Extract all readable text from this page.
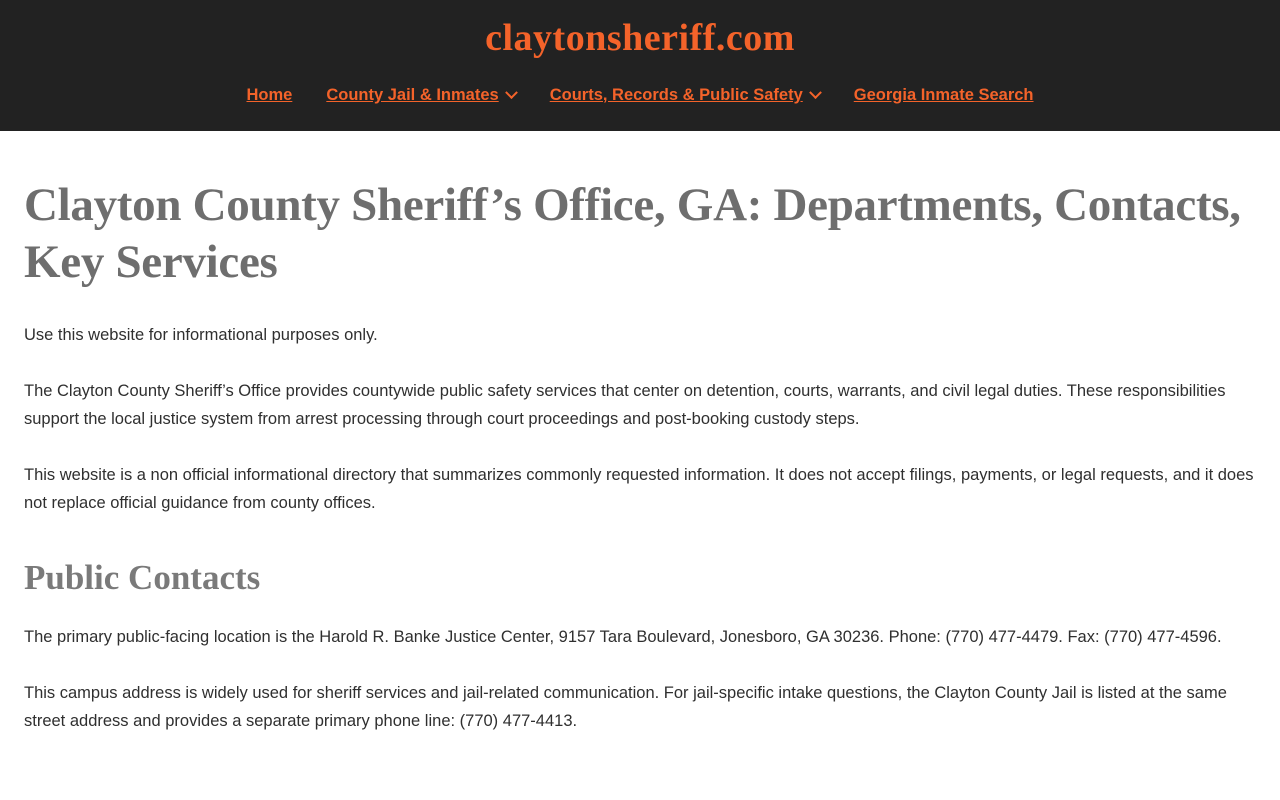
claytonsheriff.com
Home County Jail & Inmates	Courts, Records & Public Safety	Georgia Inmate Search
Clayton County Sheriff’s Office, GA: Departments, Contacts, Key Services

Use this website for informational purposes only.

The Clayton County Sheriff’s Office provides countywide public safety services that center on detention, courts, warrants, and civil legal duties. These responsibilities support the local justice system from arrest processing through court proceedings and post-booking custody steps.

This website is a non official informational directory that summarizes commonly requested information. It does not accept filings, payments, or legal requests, and it does not replace official guidance from county offices.

Public Contacts

The primary public-facing location is the Harold R. Banke Justice Center, 9157 Tara Boulevard, Jonesboro, GA 30236. Phone: (770) 477-4479. Fax: (770) 477-4596.

This campus address is widely used for sheriff services and jail-related communication. For jail-specific intake questions, the Clayton County Jail is listed at the same street address and provides a separate primary phone line: (770) 477-4413.
